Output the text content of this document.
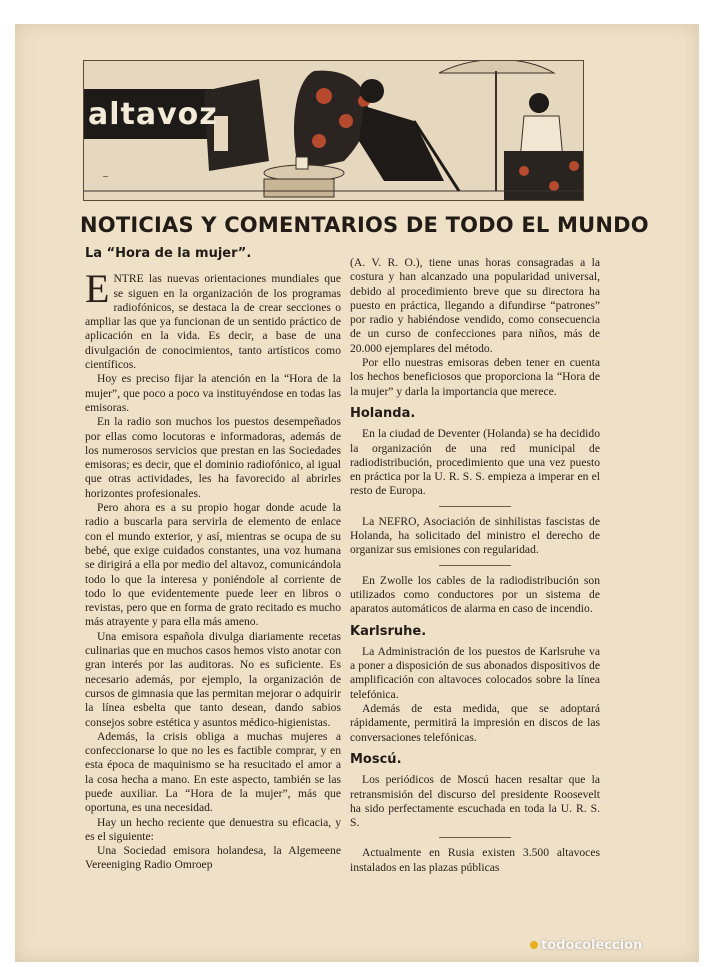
~
altavoz
NOTICIAS Y COMENTARIOS DE TODO EL MUNDO
La “Hora de la mujer”.

ENTRE las nuevas orientaciones mundiales que se siguen en la organización de los programas radiofónicos, se destaca la de crear secciones o ampliar las que ya funcionan de un sentido práctico de aplicación en la vida. Es decir, a base de una divulgación de conocimientos, tanto artísticos como científicos.

Hoy es preciso fijar la atención en la “Hora de la mujer”, que poco a poco va instituyéndose en todas las emisoras.

En la radio son muchos los puestos desempeñados por ellas como locutoras e informadoras, además de los numerosos servicios que prestan en las Sociedades emisoras; es decir, que el dominio radiofónico, al igual que otras actividades, les ha favorecido al abrirles horizontes profesionales.

Pero ahora es a su propio hogar donde acude la radio a buscarla para servirla de elemento de enlace con el mundo exterior, y así, mientras se ocupa de su bebé, que exige cuidados constantes, una voz humana se dirigirá a ella por medio del altavoz, comunicándola todo lo que la interesa y poniéndole al corriente de todo lo que evidentemente puede leer en libros o revistas, pero que en forma de grato recitado es mucho más atrayente y para ella más ameno.

Una emisora española divulga diariamente recetas culinarias que en muchos casos hemos visto anotar con gran interés por las auditoras. No es suficiente. Es necesario además, por ejemplo, la organización de cursos de gimnasia que las permitan mejorar o adquirir la línea esbelta que tanto desean, dando sabios consejos sobre estética y asuntos médico-higienistas.

Además, la crisis obliga a muchas mujeres a confeccionarse lo que no les es factible comprar, y en esta época de maquinismo se ha resucitado el amor a la cosa hecha a mano. En este aspecto, también se las puede auxiliar. La “Hora de la mujer”, más que oportuna, es una necesidad.

Hay un hecho reciente que denuestra su eficacia, y es el siguiente:

Una Sociedad emisora holandesa, la Algemeene Vereeniging Radio Omroep

(A. V. R. O.), tiene unas horas consagradas a la costura y han alcanzado una popularidad universal, debido al procedimiento breve que su directora ha puesto en práctica, llegando a difundirse “patrones” por radio y habiéndose vendido, como consecuencia de un curso de confecciones para niños, más de 20.000 ejemplares del método.

Por ello nuestras emisoras deben tener en cuenta los hechos beneficiosos que proporciona la “Hora de la mujer” y darla la importancia que merece.

Holanda.

En la ciudad de Deventer (Holanda) se ha decidido la organización de una red municipal de radiodistribución, procedimiento que una vez puesto en práctica por la U. R. S. S. empieza a imperar en el resto de Europa.

La NEFRO, Asociación de sinhilistas fascistas de Holanda, ha solicitado del ministro el derecho de organizar sus emisiones con regularidad.

En Zwolle los cables de la radiodistribución son utilizados como conductores por un sistema de aparatos automáticos de alarma en caso de incendio.

Karlsruhe.

La Administración de los puestos de Karlsruhe va a poner a disposición de sus abonados dispositivos de amplificación con altavoces colocados sobre la línea telefónica.

Además de esta medida, que se adoptará rápidamente, permitirá la impresión en discos de las conversaciones telefónicas.

Moscú.

Los periódicos de Moscú hacen resaltar que la retransmisión del discurso del presidente Roosevelt ha sido perfectamente escuchada en toda la U. R. S. S.

Actualmente en Rusia existen 3.500 altavoces instalados en las plazas públicas

todocoleccion
